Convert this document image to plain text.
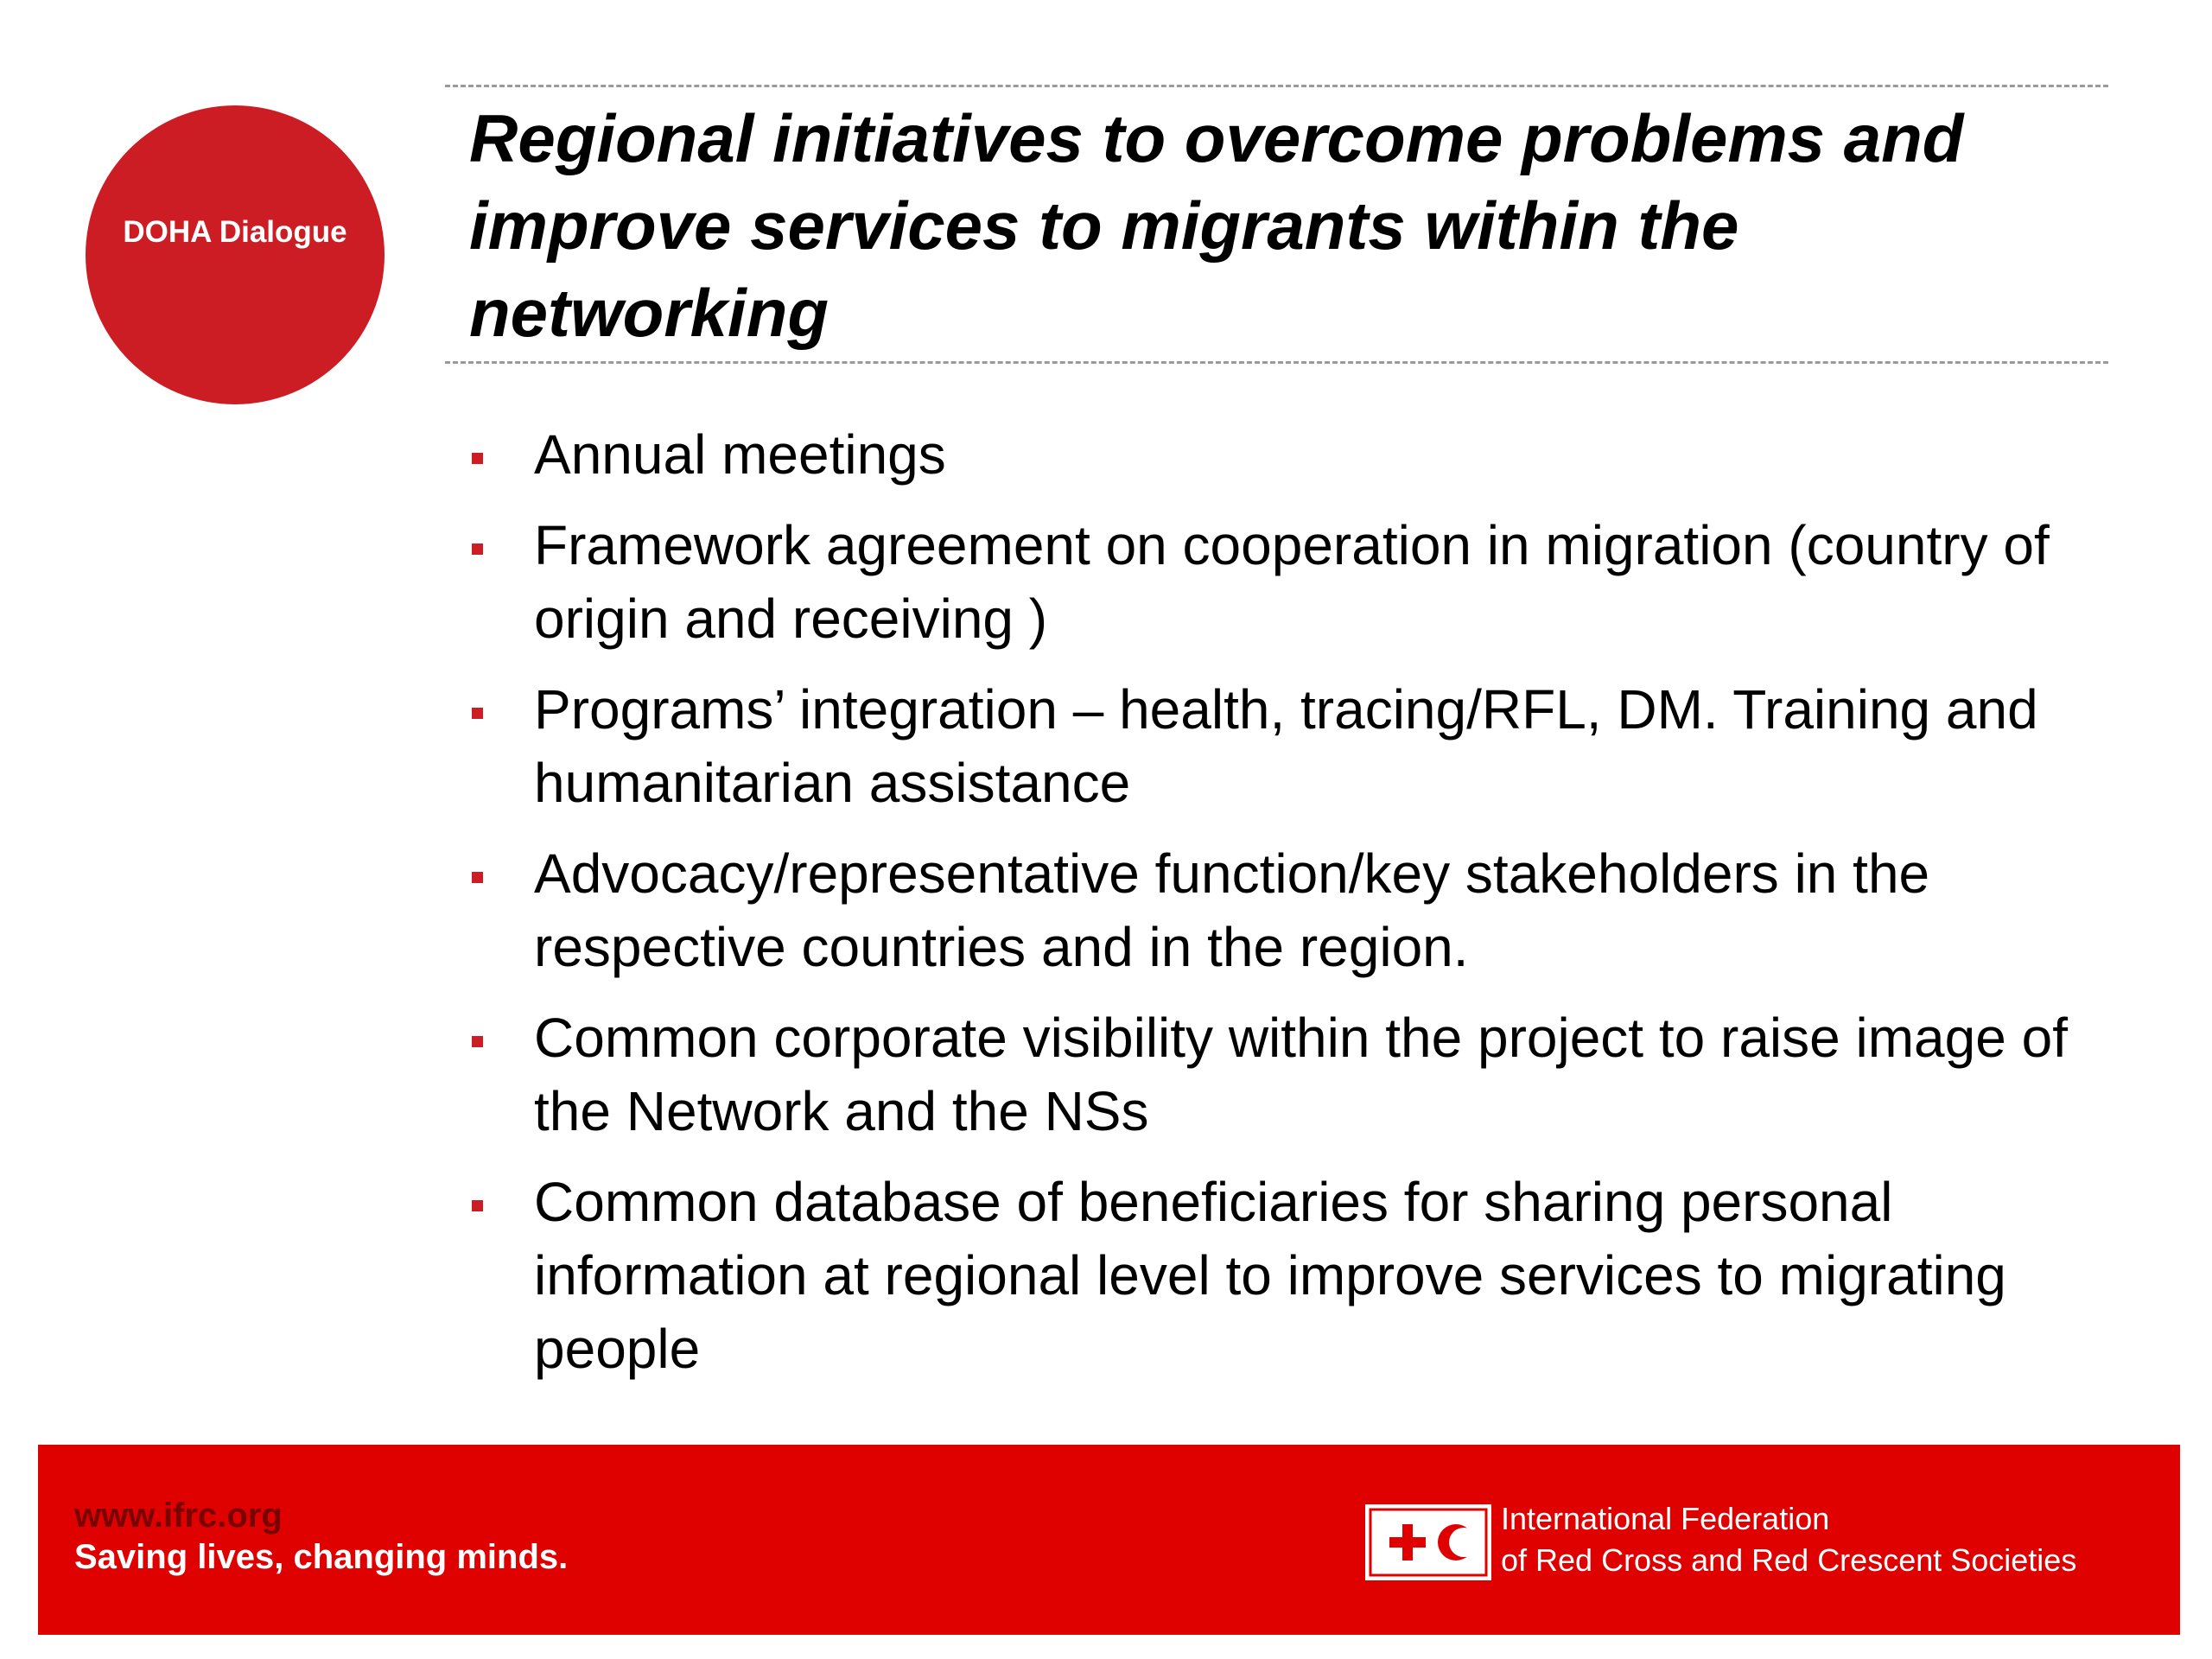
DOHA Dialogue
Regional initiatives to overcome problems and improve services to migrants within the networking
Annual meetings
Framework agreement on cooperation in migration (country of origin and receiving )
Programs’ integration – health, tracing/RFL, DM. Training and humanitarian assistance
Advocacy/representative function/key stakeholders in the respective countries and in the region.
Common corporate visibility within the project to raise image of the Network and the NSs
Common database of beneficiaries for sharing personal information at regional level to improve services to migrating people

www.ifrc.org

Saving lives, changing minds.

International Federation
of Red Cross and Red Crescent Societies
